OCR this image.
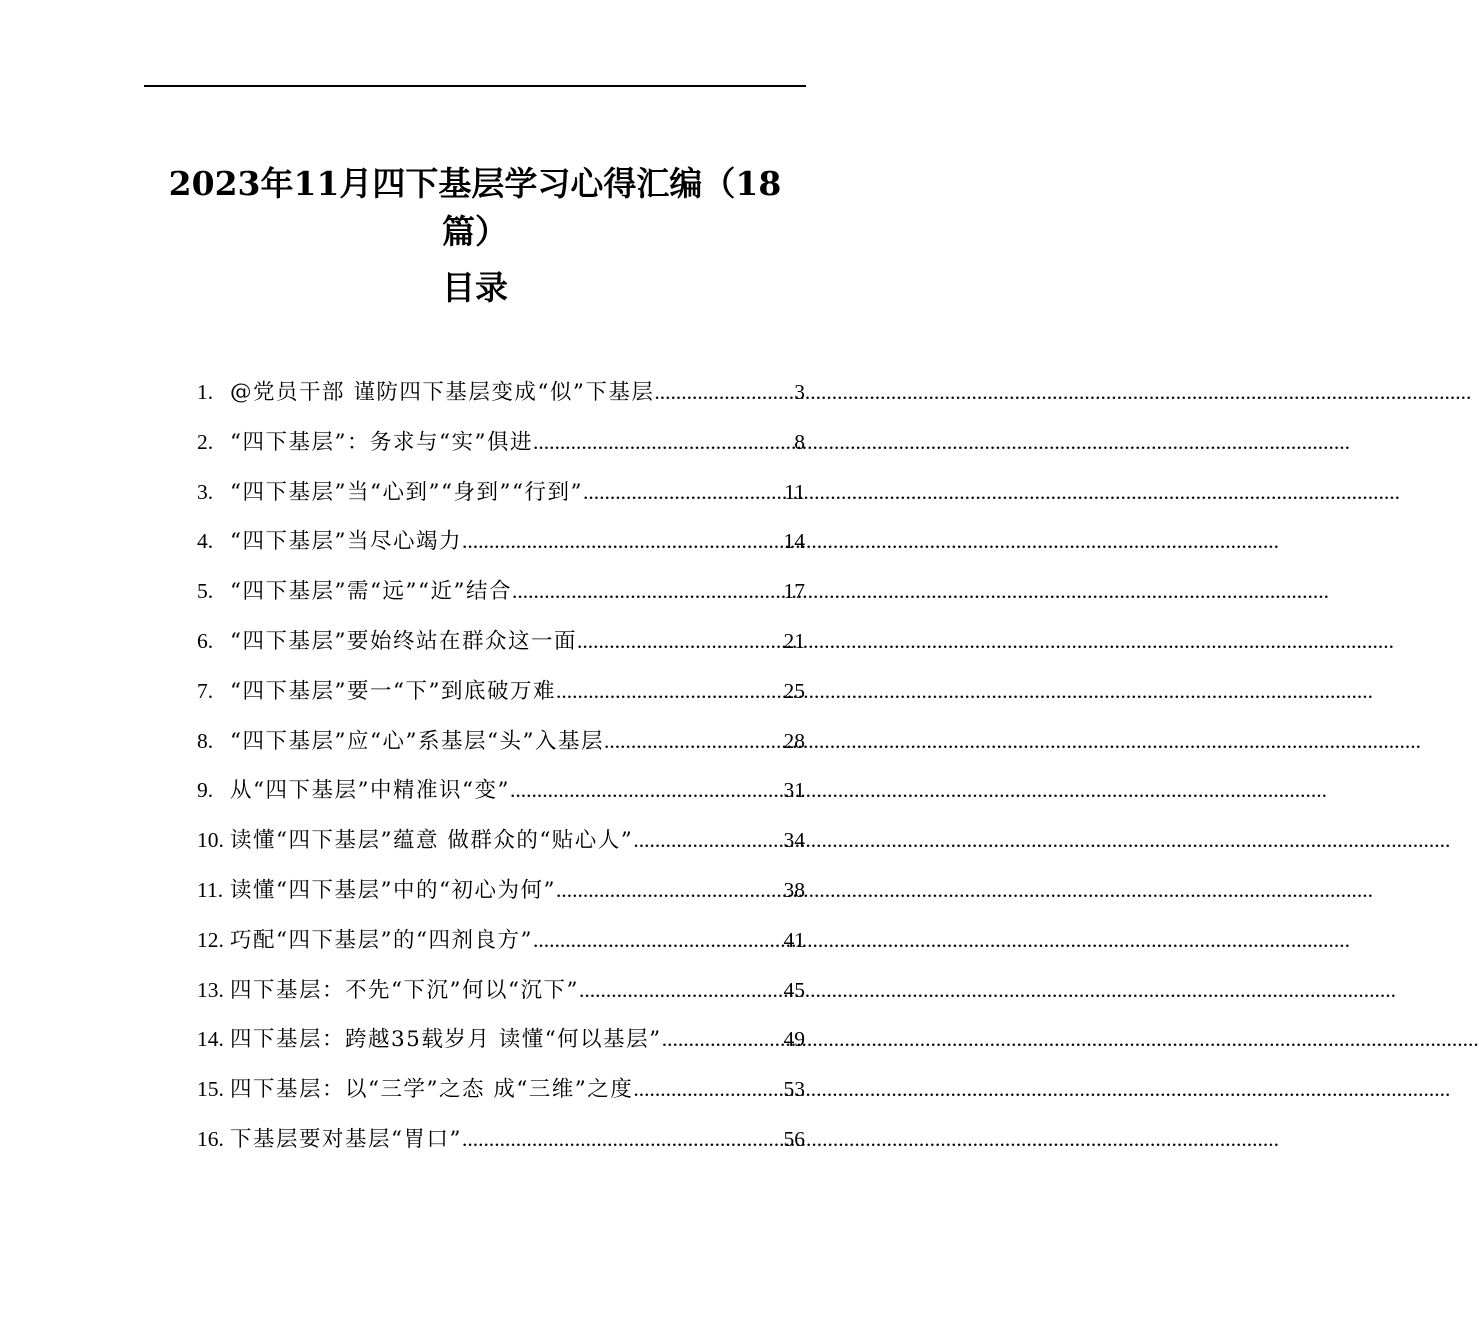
2023年11月四下基层学习心得汇编（18
篇）
目录
1. @党员干部 谨防四下基层变成“似”下基层 .....	3
2. “四下基层”：务求与“实”俱进 .....	8
3. “四下基层”当“心到”“身到”“行到” .....	11
4. “四下基层”当尽心竭力 .....	14
5. “四下基层”需“远”“近”结合 .....	17
6. “四下基层”要始终站在群众这一面 .....	21
7. “四下基层”要一“下”到底破万难 .....	25
8. “四下基层”应“心”系基层“头”入基层 .....	28
9. 从“四下基层”中精准识“变” .....	31
10. 读懂“四下基层”蕴意 做群众的“贴心人” .....	34
11. 读懂“四下基层”中的“初心为何” .....	38
12. 巧配“四下基层”的“四剂良方” .....	41
13. 四下基层：不先“下沉”何以“沉下” .....	45
14. 四下基层：跨越35载岁月 读懂“何以基层” .....	49
15. 四下基层：以“三学”之态 成“三维”之度 .....	53
16. 下基层要对基层“胃口” .....	56
